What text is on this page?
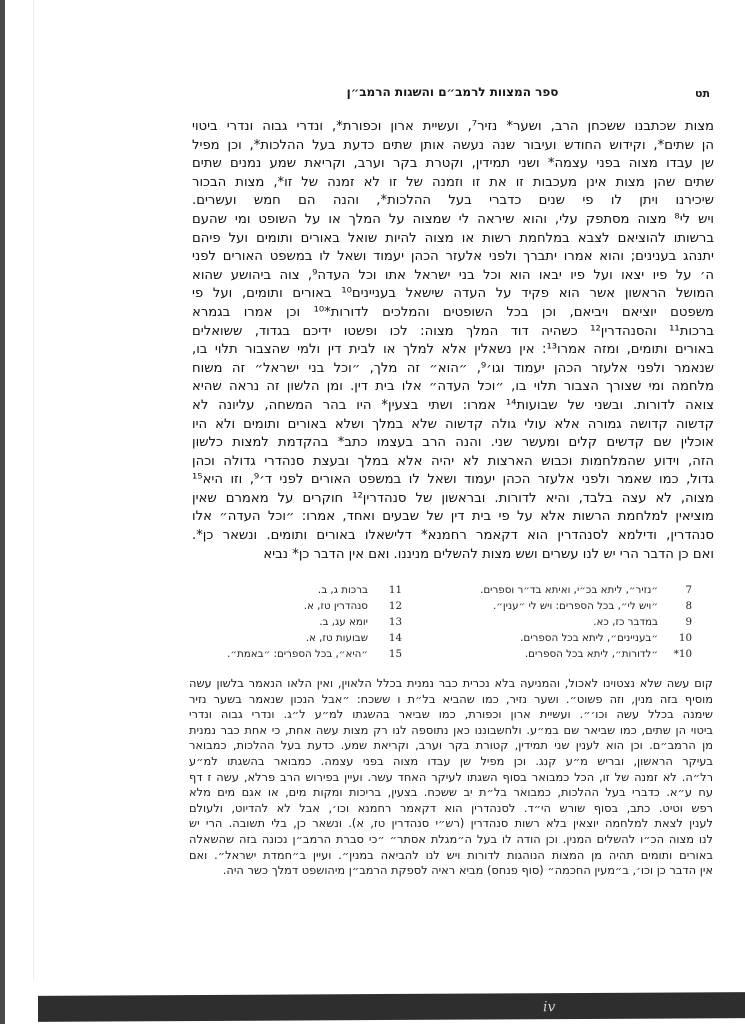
ⅳ
תט
ספר המצוות לרמב״ם והשגות הרמב״ן
מצות שכתבנו ששכחן הרב, ושער* נזיר⁷, ועשיית ארון וכפורת*, ונדרי גבוה ונדרי ביטוי
הן שתים*, וקידוש החודש ועיבור שנה נעשה אותן שתים כדעת בעל ההלכות*, וכן מפיל
שן עבדו מצוה בפני עצמה* ושני תמידין, וקטרת בקר וערב, וקריאת שמע נמנים שתים
שתים שהן מצות אינן מעכבות זו את זו וזמנה של זו לא זמנה של זו*, מצות הבכור
שיכירנו ויתן לו פי שנים כדברי בעל ההלכות*, והנה הם חמש ועשרים.
ויש לי⁸ מצוה מסתפק עלי, והוא שיראה לי שמצוה על המלך או על השופט ומי שהעם
ברשותו להוציאם לצבא במלחמת רשות או מצוה להיות שואל באורים ותומים ועל פיהם
יתנהג בענינים; והוא אמרו יתברך ולפני אלעזר הכהן יעמוד ושאל לו במשפט האורים לפני
ה׳ על פיו יצאו ועל פיו יבאו הוא וכל בני ישראל אתו וכל העדה⁹, צוה ביהושע שהוא
המושל הראשון אשר הוא פקיד על העדה שישאל בעניינים¹⁰ באורים ותומים, ועל פי
משפטם יוציאם ויביאם, וכן בכל השופטים והמלכים לדורות*¹⁰ וכן אמרו בגמרא
ברכות¹¹ והסנהדרין¹² כשהיה דוד המלך מצוה: לכו ופשטו ידיכם בגדוד, ששואלים
באורים ותומים, ומזה אמרו¹³: אין נשאלין אלא למלך או לבית דין ולמי שהצבור תלוי בו,
שנאמר ולפני אלעזר הכהן יעמוד וגו׳⁹, ״הוא״ זה מלך, ״וכל בני ישראל״ זה משוח
מלחמה ומי שצורך הצבור תלוי בו, ״וכל העדה״ אלו בית דין. ומן הלשון זה נראה שהיא
צואה לדורות. ובשני של שבועות¹⁴ אמרו: ושתי בצעין* היו בהר המשחה, עליונה לא
קדשוה קדושה גמורה אלא עולי גולה קדשוה שלא במלך ושלא באורים ותומים ולא היו
אוכלין שם קדשים קלים ומעשר שני. והנה הרב בעצמו כתב* בהקדמת למצות כלשון
הזה, וידוע שהמלחמות וכבוש הארצות לא יהיה אלא במלך ובעצת סנהדרי גדולה וכהן
גדול, כמו שאמר ולפני אלעזר הכהן יעמוד ושאל לו במשפט האורים לפני ד׳⁹, וזו היא¹⁵
מצוה, לא עצה בלבד, והיא לדורות. ובראשון של סנהדרין¹² חוקרים על מאמרם שאין
מוציאין למלחמת הרשות אלא על פי בית דין של שבעים ואחד, אמרו: ״וכל העדה״ אלו
סנהדרין, ודילמא לסנהדרין הוא דקאמר רחמנא* דלישאלו באורים ותומים. ונשאר כן*.
ואם כן הדבר הרי יש לנו עשרים ושש מצות להשלים מניננו. ואם אין הדבר כן* נביא
7
״נזיר״, ליתא בכ״י, ואיתא בד״ר וספרים.
8
״ויש לי״, בכל הספרים: ויש לי ״ענין״.
9
במדבר כז, כא.
10
״בעניינים״, ליתא בכל הספרים.
10*
״לדורות״, ליתא בכל הספרים.
11
ברכות ג, ב.
12
סנהדרין טז, א.
13
יומא עג, ב.
14
שבועות טז, א.
15
״היא״, בכל הספרים: ״באמת״.
קום עשה שלא נצטוינו לאכול, והמניעה בלא נכרית כבר נמנית בכלל הלאוין, ואין הלאו הנאמר בלשון עשה
מוסיף בזה מנין, וזה פשוט״. ושער נזיר, כמו שהביא בל״ת ו ששכח: ״אבל הנכון שנאמר בשער נזיר
שימנה בכלל עשה וכו׳״. ועשיית ארון וכפורת, כמו שביאר בהשגתו למ״ע ל״ג. ונדרי גבוה ונדרי
ביטוי הן שתים, כמו שביאר שם במ״ע. ולחשבוננו כאן נתוספה לנו רק מצות עשה אחת, כי אחת כבר נמנית
מן הרמב״ם. וכן הוא לענין שני תמידין, קטורת בקר וערב, וקריאת שמע. כדעת בעל ההלכות, כמבואר
בעיקר הראשון, ובריש מ״ע קנג. וכן מפיל שן עבדו מצוה בפני עצמה. כמבואר בהשגתו למ״ע
רל״ה. לא זמנה של זו, הכל כמבואר בסוף השגתו לעיקר האחד עשר. ועיין בפירוש הרב פרלא, עשה ז דף
עח ע״א. כדברי בעל ההלכות, כמבואר בל״ת יב ששכח. בצעין, בריכות ומקות מים, או אגם מים מלא
רפש וטיט. כתב, בסוף שורש הי״ד. לסנהדרין הוא דקאמר רחמנא וכו׳, אבל לא להדיוט, ולעולם
לענין לצאת למלחמה יוצאין בלא רשות סנהדרין (רש״י סנהדרין טז, א). ונשאר כן, בלי תשובה. הרי יש
לנו מצוה הכ״ו להשלים המנין. וכן הודה לו בעל ה״מגלת אסתר״ ״כי סברת הרמב״ן נכונה בזה שהשאלה
באורים ותומים תהיה מן המצות הנוהגות לדורות ויש לנו להביאה במנין״. ועיין ב״חמדת ישראל״. ואם
אין הדבר כן וכו׳, ב״מעין החכמה״ (סוף פנחס) מביא ראיה לספקת הרמב״ן מיהושפט דמלך כשר היה.
